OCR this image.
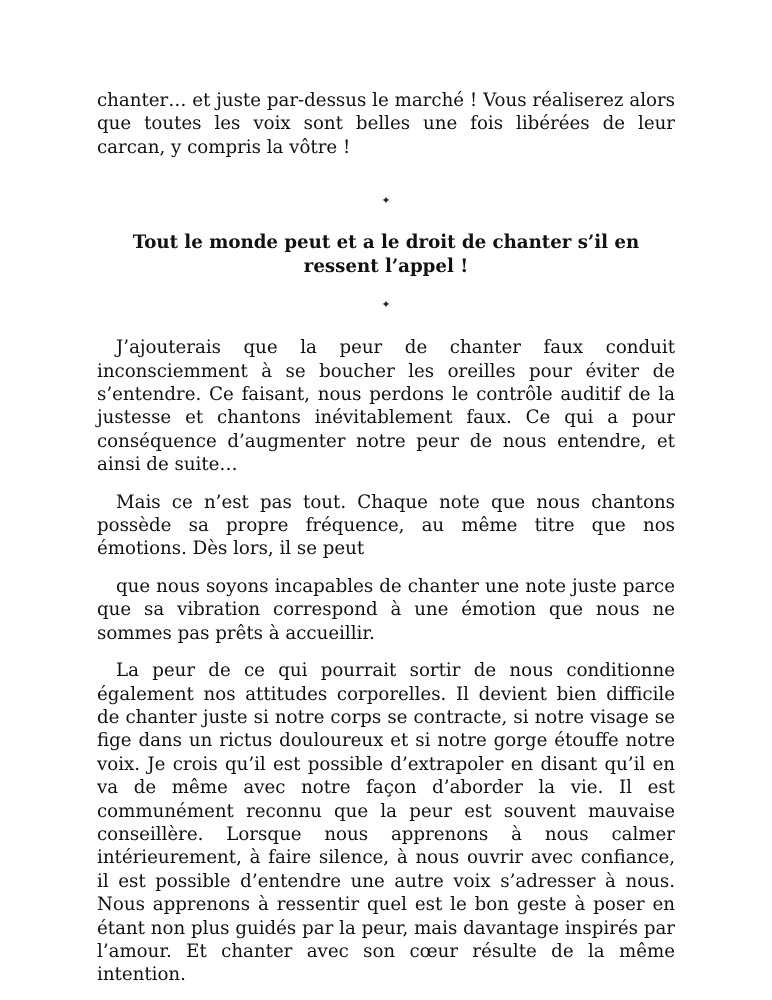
chanter… et juste par-dessus le marché ! Vous réaliserez alors que toutes les voix sont belles une fois libérées de leur carcan, y compris la vôtre !

✦
Tout le monde peut et a le droit de chanter s’il en ressent l’appel !
✦

J’ajouterais que la peur de chanter faux conduit inconsciemment à se boucher les oreilles pour éviter de s’entendre. Ce faisant, nous perdons le contrôle auditif de la justesse et chantons inévitablement faux. Ce qui a pour conséquence d’augmenter notre peur de nous entendre, et ainsi de suite…

Mais ce n’est pas tout. Chaque note que nous chantons possède sa propre fréquence, au même titre que nos émotions. Dès lors, il se peut

que nous soyons incapables de chanter une note juste parce que sa vibration correspond à une émotion que nous ne sommes pas prêts à accueillir.

La peur de ce qui pourrait sortir de nous conditionne également nos attitudes corporelles. Il devient bien difficile de chanter juste si notre corps se contracte, si notre visage se fige dans un rictus douloureux et si notre gorge étouffe notre voix. Je crois qu’il est possible d’extrapoler en disant qu’il en va de même avec notre façon d’aborder la vie. Il est communément reconnu que la peur est souvent mauvaise conseillère. Lorsque nous apprenons à nous calmer intérieurement, à faire silence, à nous ouvrir avec confiance, il est possible d’entendre une autre voix s’adresser à nous. Nous apprenons à ressentir quel est le bon geste à poser en étant non plus guidés par la peur, mais davantage inspirés par l’amour. Et chanter avec son cœur résulte de la même intention.
